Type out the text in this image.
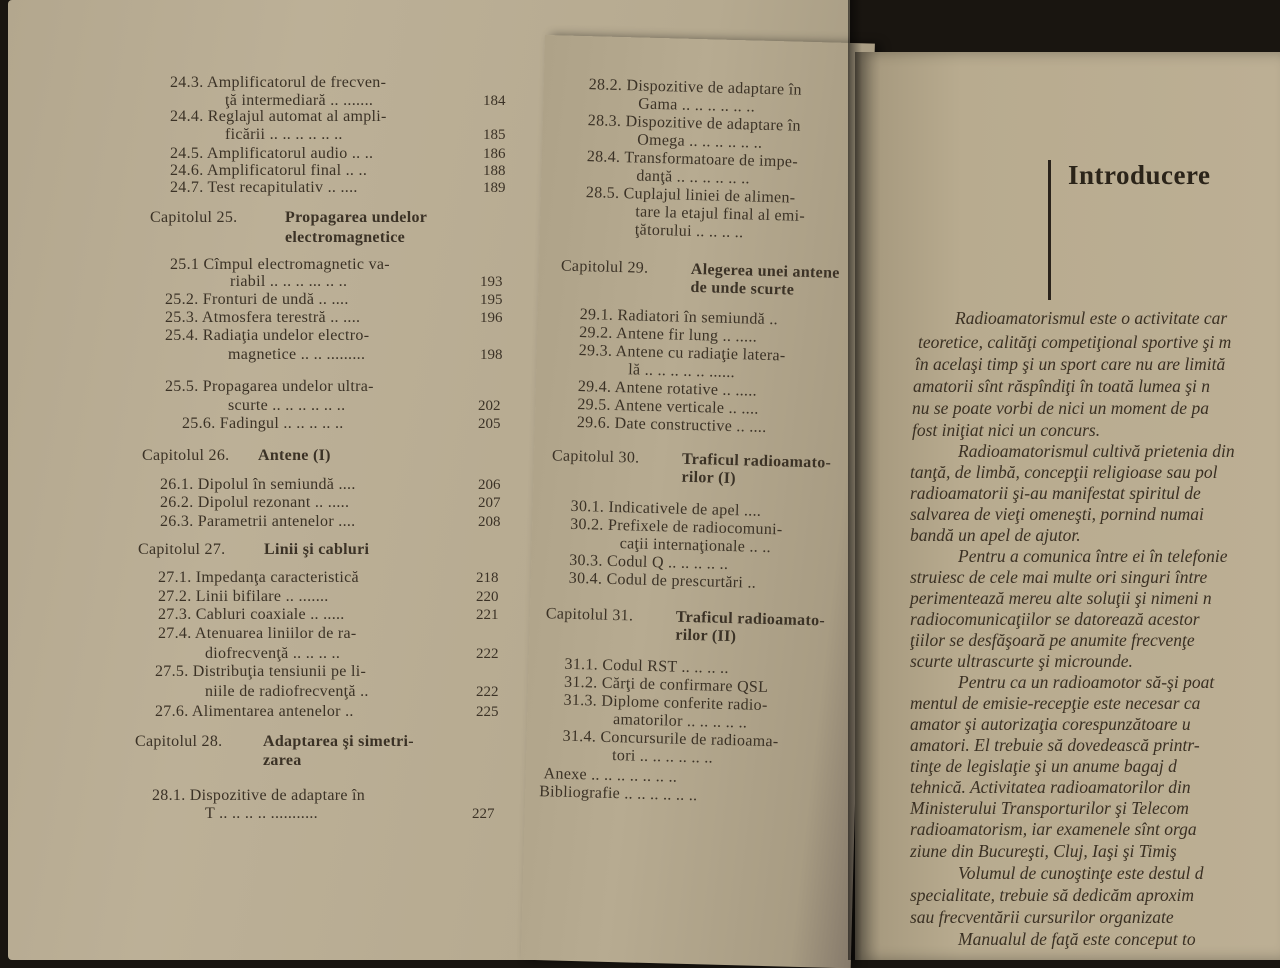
24.3. Amplificatorul de frecven-
ţă intermediară .. .......	184
24.4. Reglajul automat al ampli-
ficării .. .. .. .. .. ..	185
24.5. Amplificatorul audio .. ..	186
24.6. Amplificatorul final .. ..	188
24.7. Test recapitulativ .. ....	189
Capitolul 25.	Propagarea undelor
electromagnetice
25.1 Cîmpul electromagnetic va-
riabil .. .. .. ... .. ..	193
25.2. Fronturi de undă .. ....	195
25.3. Atmosfera terestră .. ....	196
25.4. Radiaţia undelor electro-
magnetice .. .. .........	198
25.5. Propagarea undelor ultra-
scurte .. .. .. .. .. ..	202
25.6. Fadingul .. .. .. .. ..	205
Capitolul 26. Antene (I)
26.1. Dipolul în semiundă ....	206
26.2. Dipolul rezonant .. .....	207
26.3. Parametrii antenelor ....	208
Capitolul 27. Linii şi cabluri
27.1. Impedanţa caracteristică	218
27.2. Linii bifilare .. .......	220
27.3. Cabluri coaxiale .. .....	221
27.4. Atenuarea liniilor de ra-
diofrecvenţă .. .. .. ..	222
27.5. Distribuţia tensiunii pe li-
niile de radiofrecvenţă ..	222
27.6. Alimentarea antenelor ..	225
Capitolul 28.	Adaptarea şi simetri-
zarea
28.1. Dispozitive de adaptare în
T .. .. .. .. ...........	227
28.2. Dispozitive de adaptare în
Gama .. .. .. .. .. ..
28.3. Dispozitive de adaptare în
Omega .. .. .. .. .. ..
28.4. Transformatoare de impe-
danţă .. .. .. .. .. ..
28.5. Cuplajul liniei de alimen-
tare la etajul final al emi-
ţătorului .. .. .. ..
Capitolul 29.	Alegerea unei antene
de unde scurte
29.1. Radiatori în semiundă ..
29.2. Antene fir lung .. .....
29.3. Antene cu radiaţie latera-
lă .. .. .. .. .. ......
29.4. Antene rotative .. .....
29.5. Antene verticale .. ....
29.6. Date constructive .. ....
Capitolul 30.	Traficul radioamato-
rilor (I)
30.1. Indicativele de apel ....
30.2. Prefixele de radiocomuni-
caţii internaţionale .. ..
30.3. Codul Q .. .. .. .. ..
30.4. Codul de prescurtări ..
Capitolul 31.	Traficul radioamato-
rilor (II)
31.1. Codul RST .. .. .. ..
31.2. Cărţi de confirmare QSL
31.3. Diplome conferite radio-
amatorilor .. .. .. .. ..
31.4. Concursurile de radioama-
tori .. .. .. .. .. ..
Anexe .. .. .. .. .. .. ..
Bibliografie .. .. .. .. .. ..
Radioamatorismul este o activitate car
teoretice, calităţi competiţional sportive şi m
în acelaşi timp şi un sport care nu are limită
amatorii sînt răspîndiţi în toată lumea şi n
nu se poate vorbi de nici un moment de pa
fost iniţiat nici un concurs.
Radioamatorismul cultivă prietenia din
tanţă, de limbă, concepţii religioase sau pol
radioamatorii şi-au manifestat spiritul de
salvarea de vieţi omeneşti, pornind numai
bandă un apel de ajutor.
Pentru a comunica între ei în telefonie
struiesc de cele mai multe ori singuri între
perimentează mereu alte soluţii şi nimeni n
radiocomunicaţiilor se datorează acestor
ţiilor se desfăşoară pe anumite frecvenţe
scurte ultrascurte şi microunde.
Pentru ca un radioamotor să-şi poat
mentul de emisie-recepţie este necesar ca
amator şi autorizaţia corespunzătoare u
amatori. El trebuie să dovedească printr-
tinţe de legislaţie şi un anume bagaj d
tehnică. Activitatea radioamatorilor din
Ministerului Transporturilor şi Telecom
radioamatorism, iar examenele sînt orga
ziune din Bucureşti, Cluj, Iaşi şi Timiş
Volumul de cunoştinţe este destul d
specialitate, trebuie să dedicăm aproxim
sau frecventării cursurilor organizate
Manualul de faţă este conceput to
Introducere
